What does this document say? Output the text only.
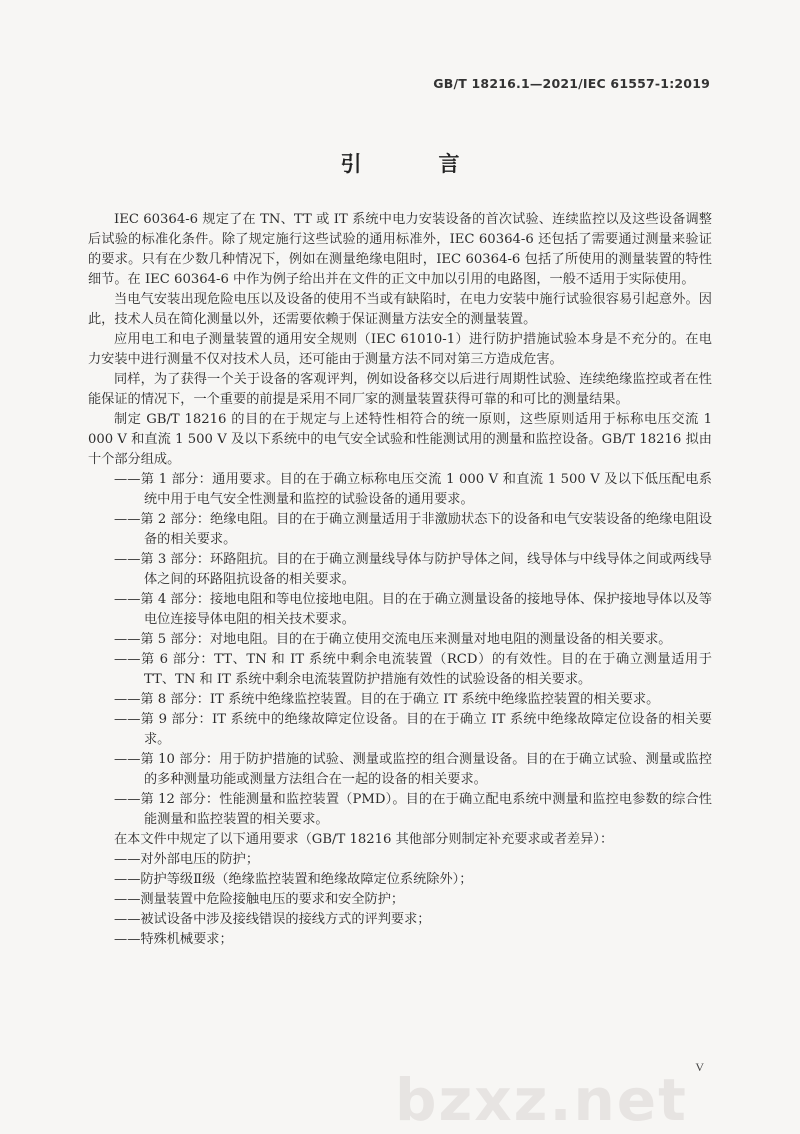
GB/T 18216.1—2021/IEC 61557-1:2019
引　言

IEC 60364-6 规定了在 TN、TT 或 IT 系统中电力安装设备的首次试验、连续监控以及这些设备调整后试验的标准化条件。除了规定施行这些试验的通用标准外，IEC 60364-6 还包括了需要通过测量来验证的要求。只有在少数几种情况下，例如在测量绝缘电阻时，IEC 60364-6 包括了所使用的测量装置的特性细节。在 IEC 60364-6 中作为例子给出并在文件的正文中加以引用的电路图，一般不适用于实际使用。

当电气安装出现危险电压以及设备的使用不当或有缺陷时，在电力安装中施行试验很容易引起意外。因此，技术人员在简化测量以外，还需要依赖于保证测量方法安全的测量装置。

应用电工和电子测量装置的通用安全规则（IEC 61010-1）进行防护措施试验本身是不充分的。在电力安装中进行测量不仅对技术人员，还可能由于测量方法不同对第三方造成危害。

同样，为了获得一个关于设备的客观评判，例如设备移交以后进行周期性试验、连续绝缘监控或者在性能保证的情况下，一个重要的前提是采用不同厂家的测量装置获得可靠的和可比的测量结果。

制定 GB/T 18216 的目的在于规定与上述特性相符合的统一原则，这些原则适用于标称电压交流 1 000 V 和直流 1 500 V 及以下系统中的电气安全试验和性能测试用的测量和监控设备。GB/T 18216 拟由十个部分组成。

——第 1 部分：通用要求。目的在于确立标称电压交流 1 000 V 和直流 1 500 V 及以下低压配电系统中用于电气安全性测量和监控的试验设备的通用要求。

——第 2 部分：绝缘电阻。目的在于确立测量适用于非激励状态下的设备和电气安装设备的绝缘电阻设备的相关要求。

——第 3 部分：环路阻抗。目的在于确立测量线导体与防护导体之间，线导体与中线导体之间或两线导体之间的环路阻抗设备的相关要求。

——第 4 部分：接地电阻和等电位接地电阻。目的在于确立测量设备的接地导体、保护接地导体以及等电位连接导体电阻的相关技术要求。

——第 5 部分：对地电阻。目的在于确立使用交流电压来测量对地电阻的测量设备的相关要求。

——第 6 部分：TT、TN 和 IT 系统中剩余电流装置（RCD）的有效性。目的在于确立测量适用于 TT、TN 和 IT 系统中剩余电流装置防护措施有效性的试验设备的相关要求。

——第 8 部分：IT 系统中绝缘监控装置。目的在于确立 IT 系统中绝缘监控装置的相关要求。

——第 9 部分：IT 系统中的绝缘故障定位设备。目的在于确立 IT 系统中绝缘故障定位设备的相关要求。

——第 10 部分：用于防护措施的试验、测量或监控的组合测量设备。目的在于确立试验、测量或监控的多种测量功能或测量方法组合在一起的设备的相关要求。

——第 12 部分：性能测量和监控装置（PMD）。目的在于确立配电系统中测量和监控电参数的综合性能测量和监控装置的相关要求。

在本文件中规定了以下通用要求（GB/T 18216 其他部分则制定补充要求或者差异）：

——对外部电压的防护；

——防护等级Ⅱ级（绝缘监控装置和绝缘故障定位系统除外）；

——测量装置中危险接触电压的要求和安全防护；

——被试设备中涉及接线错误的接线方式的评判要求；

——特殊机械要求；

bzxz.net V
